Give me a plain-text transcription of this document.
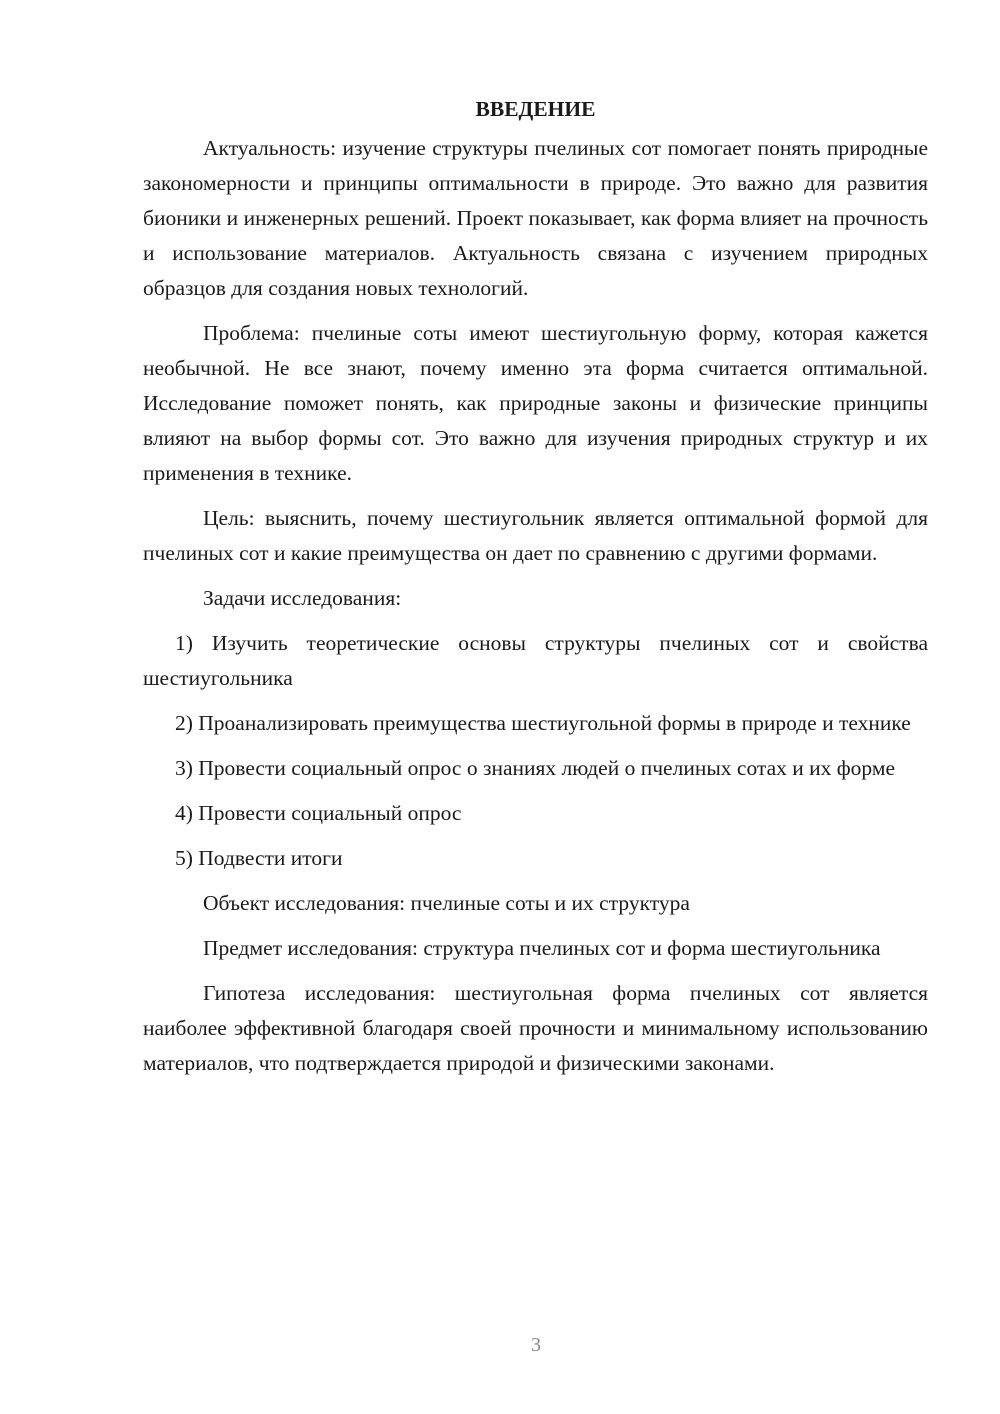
ВВЕДЕНИЕ

Актуальность: изучение структуры пчелиных сот помогает понять природные закономерности и принципы оптимальности в природе. Это важно для развития бионики и инженерных решений. Проект показывает, как форма влияет на прочность и использование материалов. Актуальность связана с изучением природных образцов для создания новых технологий.

Проблема: пчелиные соты имеют шестиугольную форму, которая кажется необычной. Не все знают, почему именно эта форма считается оптимальной. Исследование поможет понять, как природные законы и физические принципы влияют на выбор формы сот. Это важно для изучения природных структур и их применения в технике.

Цель: выяснить, почему шестиугольник является оптимальной формой для пчелиных сот и какие преимущества он дает по сравнению с другими формами.

Задачи исследования:

1) Изучить теоретические основы структуры пчелиных сот и свойства шестиугольника

2) Проанализировать преимущества шестиугольной формы в природе и технике

3) Провести социальный опрос о знаниях людей о пчелиных сотах и их форме

4) Провести социальный опрос

5) Подвести итоги

Объект исследования: пчелиные соты и их структура

Предмет исследования: структура пчелиных сот и форма шестиугольника

Гипотеза исследования: шестиугольная форма пчелиных сот является наиболее эффективной благодаря своей прочности и минимальному использованию материалов, что подтверждается природой и физическими законами.

3
